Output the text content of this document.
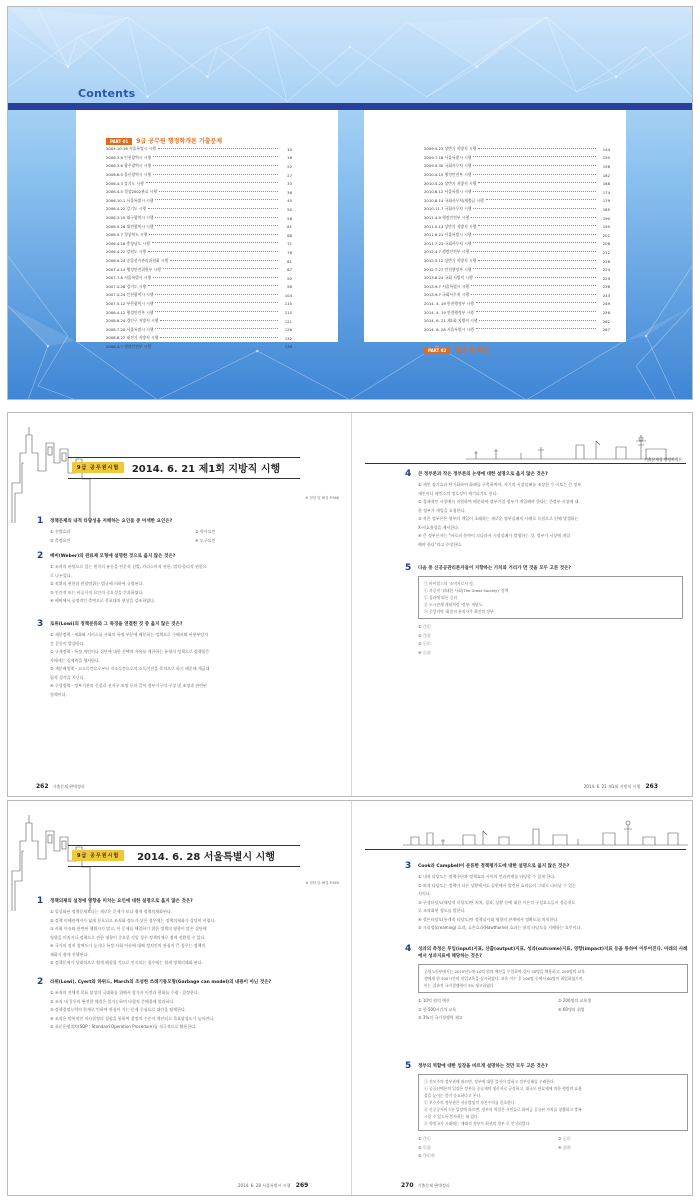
Contents
PART 01 9급 공무원 행정학개론 기출문제
2005.10.16 서울특별시 시행	10
2006.3.6 인천광역시 시행	16
2006.3.6 광주광역시 시행	22
2006.6.5 울산광역시 시행	27
2006.4.3 강기도 시행	33
2006.4.5 경상2002관료 시행	36
2006.10.1 서울특별시 시행	45
2006.4.22 강기도 시행	50
2006.3.10 대구광역시 시행	56
2006.5.26 대전광역시 시행	61
2006.5.7 경상북도 시행	66
2006.4.16 충청남도 시행	71
2006.4.22 강원도 시행	76
2006.9.24 중앙선거관리위원회 시행	81
2007.4.14 행정안전위원부 시행	87
2007.7.8 서울특별시 시행	92
2007.4.28 경기도 시행	98
2007.4.24 인천광역시 시행	104
2007.5.12 부산광역시 시행	110
2008.4.12 행정안전부 시행	115
2008.6.24 경인구 지방직 시행	121
2008.7.20 서울특별시 시행	126
2008.8.27 대전기 지방직 시행	132
2008.4.7 행정안전부 시행	139
2009.5.23 상반기 지방직 시행	144
2009.7.18 서울특별시 시행	150
2009.5.30 국회사무처 시행	156
2010.4.10 행정안전부 시행	162
2010.5.22 상반기 지방직 시행	168
2010.6.12 서울특별시 시행	174
2010.8.14 국회사무처/제출급 시행	179
2010.11.7 국회사무처 시행	185
2011.4.9 행정안전부 시행	190
2011.5.14 상반기 지방직 시행	195
2011.6.21 서울특별시 시행	201
2011.7.23 국회사무처 시행	206
2012.4.7 행정안전부 시행	212
2012.5.12 상반기 지방직 시행	218
2012.7.27 안전행정부 시행	224
2013.8.24 국회 지방직 시행	229
2013.9.7 서울특별시 시행	236
2013.9.7 국회사무처 시행	243
2014. 4. 19 안전행정부 시행	249
2014. 4. 19 안전행정부 시행	256
2014. 6. 21 제1회 지방직 시행	262
2014. 6. 28 서울특별시 시행	267
PART 02 정답 및 해설
9급 공무원시험	2014. 6. 21 제1회 지방직 시행
※ 정답 및 해설 P.368
기출문제집 행정학개론
1 정책문제의 내적 타당성을 저해하는 요인들 중 어색한 요인은?
① 선발효과	② 역사요인
③ 측정요인	④ 도구요인
2 베버(Weber)의 관료제 모형에 설명한 것으로 옳지 않은 것은?
① 조직의 바탕으로 있는 원칙의 유동을 전문적 선발, 카리스마적 권한, 법적·합리적 권한으
로 나누었다.
② 직위의 권한과 관할범위는 법규에 의하여 규정된다.
③ 인간적 또는 비공식적 요인의 중요성을 간과하였다.
④ 베버에서 공정적인 측면으로 목표대치 현상을 강조하였다.
3 로위(Lowi)의 정책분류와 그 특징을 연결한 것 중 옳지 않은 것은?
① 재분정책 - 재화와 서비스를 사회의 특정 부분에 배분하는 정책으로 수혜자와 비용부담자
간 갈등이 발생한다.
② 규제정책 - 특정 개인이나 집단에 대한 선택의 자유를 제한하는 유형의 정책으로 정책불응
자에게는 강제력을 행사한다.
③ 재분배정책 - 고소득층으로부터 저소득층으로의 소득이전을 목적으로 하기 때문에 계급대
립적 성격을 지닌다.
④ 구성정책 - 정부기관의 신설과 선거구 조정 등과 같이 정부기구의 구성 및 조정과 관련된
정책이다.
4 큰 정부론과 작은 정부론의 논쟁에 대한 설명으로 옳지 않은 것은?
① 케인 장기효과 단기화하여 화폐를 구축하여야, 자기의 시장실패를 조장한 수 이보는 큰 정부
세인이나 케인스의 정호성이 제기되기도 한다.
② 경제적인 시장에서 지원하여 배분하여 정부기업 정부가 개입해야 한다는 큰정부 시장에 대
한 정부가 개입을 요청한다.
③ 작은 정부론은 정부의 개입이 초래하는 새로운 정부실패의 사례로 독점으로 인해 발생하는
X-비효율성을 제시한다.
④ 큰 정부론자는 "바로퍼 분야이 크다라서 시장실패가 발생하는 것, 정부가 시장에 개입
해야 한다"라고 주장한다.
5 다음 중 신공공관리론자들이 지향하는 가치와 거리가 먼 것을 모두 고른 것은?
㉠ 바이럴스의 '소비자로서 정,
㉡ 자공적 '위대한 사회(The Great Society)' 정책
㉢ 성과에 따른 증리
㉣ 도시관계 개념처럼 '정부' 개념도.
㉤ 중앙지역 '최종의 통치자가 최선의 정부'
① ㉠㉢
② ㉠㉣
③ ㉡㉢
④ ㉡㉣
262 기출문제 완벽정리	2014. 6. 21 제1회 지방직 시행 263
9급 공무원시험	2014. 6. 28 서울특별시 시행
※ 정답 및 해설 P.369
1 정책의제의 설정에 영향을 미치는 요인에 대한 설명으로 옳지 않은 것은?
① 일상화된 정책문제보다는 새로운 문제가 보다 쉽게 정책의제화된다.
② 정책 이해관계자가 넓게 분포되고 조직화 정도가 낮은 경우에는 정책의제화가 상당히 어렵다.
③ 사회 이슈와 관련된 행위자가 많고, 이 문제를 해결하기 위한 정책의 영향이 많은 집단에
영향을 미치거나 정책으로 인한 영향이 중요한 것일 경우 정책의제로 쉽게 전환될 수 있다.
④ 국가의 정치 참여도가 높거나 특정 사회 이슈에 대해 정치인의 관심이 큰 경우는 정책의
제화가 쉽게 진행된다.
⑤ 정책문제가 상대적으로 쉽게 해결될 것으로 인식되는 경우에는 쉽게 정책의제화 된다.
2 라위(Lowi), Cyert와 하위드, March의 조성한 쓰레기통모형(Garbage can model)의 내용이 아닌 것은?
① 조직의 전체적 목표 달성의 극대화를 위해서 참가자 이견과 편화를 수렴 · 결정한다.
② 조직 내 갈등의 완전한 해결은 불가능하며 타협적 준해결에 불과하다.
③ 정책결정능력의 한계로 인하여 관심이 가는 문제 중심으로 대안을 탐색한다.
④ 조직은 반복적인 의사결정의 경험을 통하여 결정의 수준이 개선되고 목표달성도가 높아진다.
⑤ 표준운영절차(SOP : Standard Operation Procedure)를 적극적으로 활용한다.
3 Cook과 Campbell이 분류한 정책평가도에 대한 설명으로 옳지 않은 것은?
① 내적 타당도는 정책수단과 정책효과 사이의 인과관계를 타당할 수 있게 한다.
② 외적 타당도는 정책이 다른 상황에서도 실현에서 발견된 효과들이 그대로 나타날 수 있는
지이다.
③ 구성타당도(해당적 타당도)란 처치, 결과, 상황 등에 대한 이론적 구성요소들이 성공적으
로 조작화된 정도를 말한다.
④ 결론타당도(통계적 타당도)란 정책실시와 영향의 관계에서 정확도를 의미한다.
⑤ 크리밍(creaming) 효과, 호손효과(Hawthorne) 효과는 내적 타당도를 저해하는 요인이다.
4 성과의 측정은 투입(input)지표, 산출(output)지표, 성과(outcome)지표, 영향(impact)지표 등을 통하여 이루어진다. 아래의 사례에서 성과지표에 해당하는 것은?
굿윌노동부에서는 2015년도에 10억 원의 예산을 투입하여 강사 30명을 채용하고, 200명의 교육
생에게 한 500시간의 직업교육을 실시하였다. 교육 이수 후 100명 중에서 60명이 취업하였으며,
이는 결과적 국가경쟁력이 3% 제고하였다.
① 10억 원의 예산	② 200명의 교육생
③ 한 500시간의 교육	④ 60명의 취업
⑤ 3%의 국가경쟁력 제고
5 정부의 역할에 대한 입장을 바르게 설명하는 것만 모두 고른 것은?
㉠ 진보주의 정부관에 따르면, 정부에 대한 불신이 강하고 정부실패를 우려한다.
㉡ 공공선택론의 입장은 정부를 공공재의 생산자로 규정하고, 대규모 관료제에 의한 행정의 효율
성을 높이는 것이 중요하다고 본다.
㉢ 보수주의 정부관은 자유방임적 자본주의를 옹호한다.
㉣ 신공공서비스론 입장에 따르면, 정부의 역할은 시민들로 하여금 공유된 가치를 창출하고 충족
시킬 수 있도록 봉사하는 데 있다.
㉤ 행정국가 시대에는 재래적 정부가 최선의 정부 로 인식되었다.
① ㉠㉡	② ㉡㉢
③ ㉢㉣	④ ㉣㉤
⑤ ㉠㉢㉤
2014. 6. 28 서울특별시 시행 269	270 기출문제 완벽정리
